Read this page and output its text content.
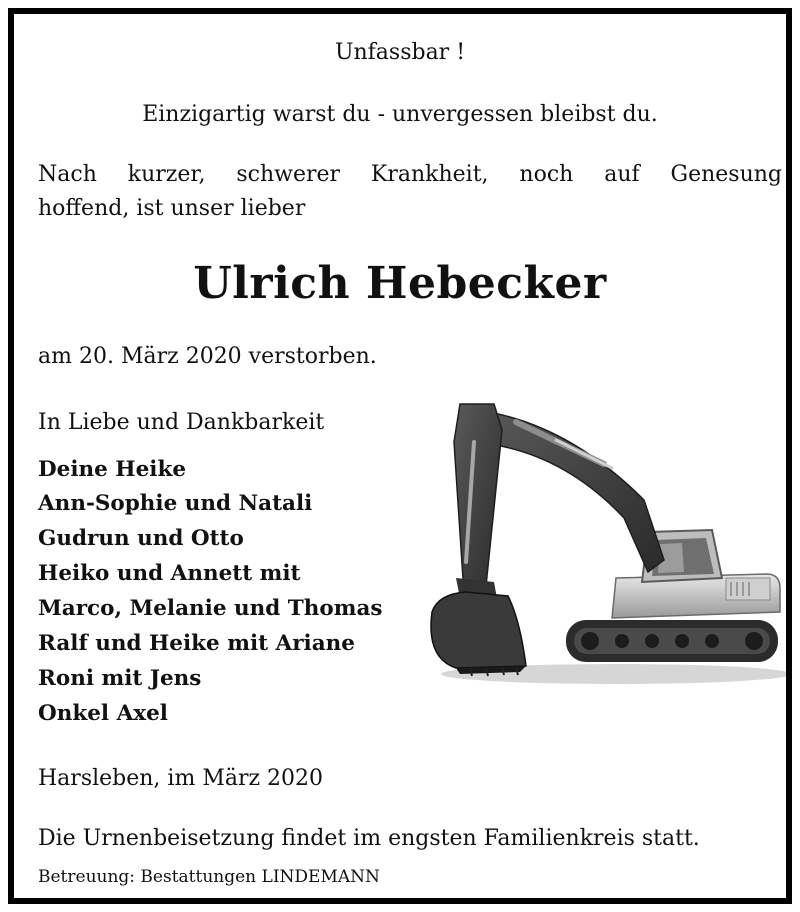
Unfassbar !
Einzigartig warst du - unvergessen bleibst du.
Nach kurzer, schwerer Krankheit, noch auf Genesung
hoffend, ist unser lieber
Ulrich Hebecker
am 20. März 2020 verstorben.
In Liebe und Dankbarkeit
Deine Heike
Ann-Sophie und Natali
Gudrun und Otto
Heiko und Annett mit
Marco, Melanie und Thomas
Ralf und Heike mit Ariane
Roni mit Jens
Onkel Axel
Harsleben, im März 2020
Die Urnenbeisetzung findet im engsten Familienkreis statt.
Betreuung: Bestattungen LINDEMANN
